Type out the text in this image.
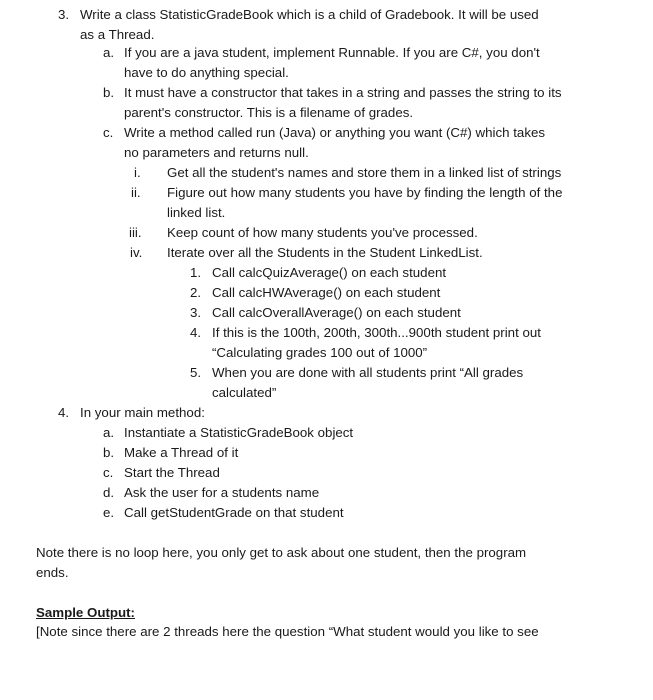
3. Write a class StatisticGradeBook which is a child of Gradebook. It will be used
as a Thread.
a. If you are a java student, implement Runnable. If you are C#, you don't
have to do anything special.
b. It must have a constructor that takes in a string and passes the string to its
parent's constructor. This is a filename of grades.
c. Write a method called run (Java) or anything you want (C#) which takes
no parameters and returns null.
i. Get all the student's names and store them in a linked list of strings
ii. Figure out how many students you have by finding the length of the
linked list.
iii. Keep count of how many students you've processed.
iv. Iterate over all the Students in the Student LinkedList.
1. Call calcQuizAverage() on each student
2. Call calcHWAverage() on each student
3. Call calcOverallAverage() on each student
4. If this is the 100th, 200th, 300th...900th student print out
“Calculating grades 100 out of 1000”
5. When you are done with all students print “All grades
calculated”
4. In your main method:
a. Instantiate a StatisticGradeBook object
b. Make a Thread of it
c. Start the Thread
d. Ask the user for a students name
e. Call getStudentGrade on that student
Note there is no loop here, you only get to ask about one student, then the program
ends.
Sample Output:
[Note since there are 2 threads here the question “What student would you like to see
